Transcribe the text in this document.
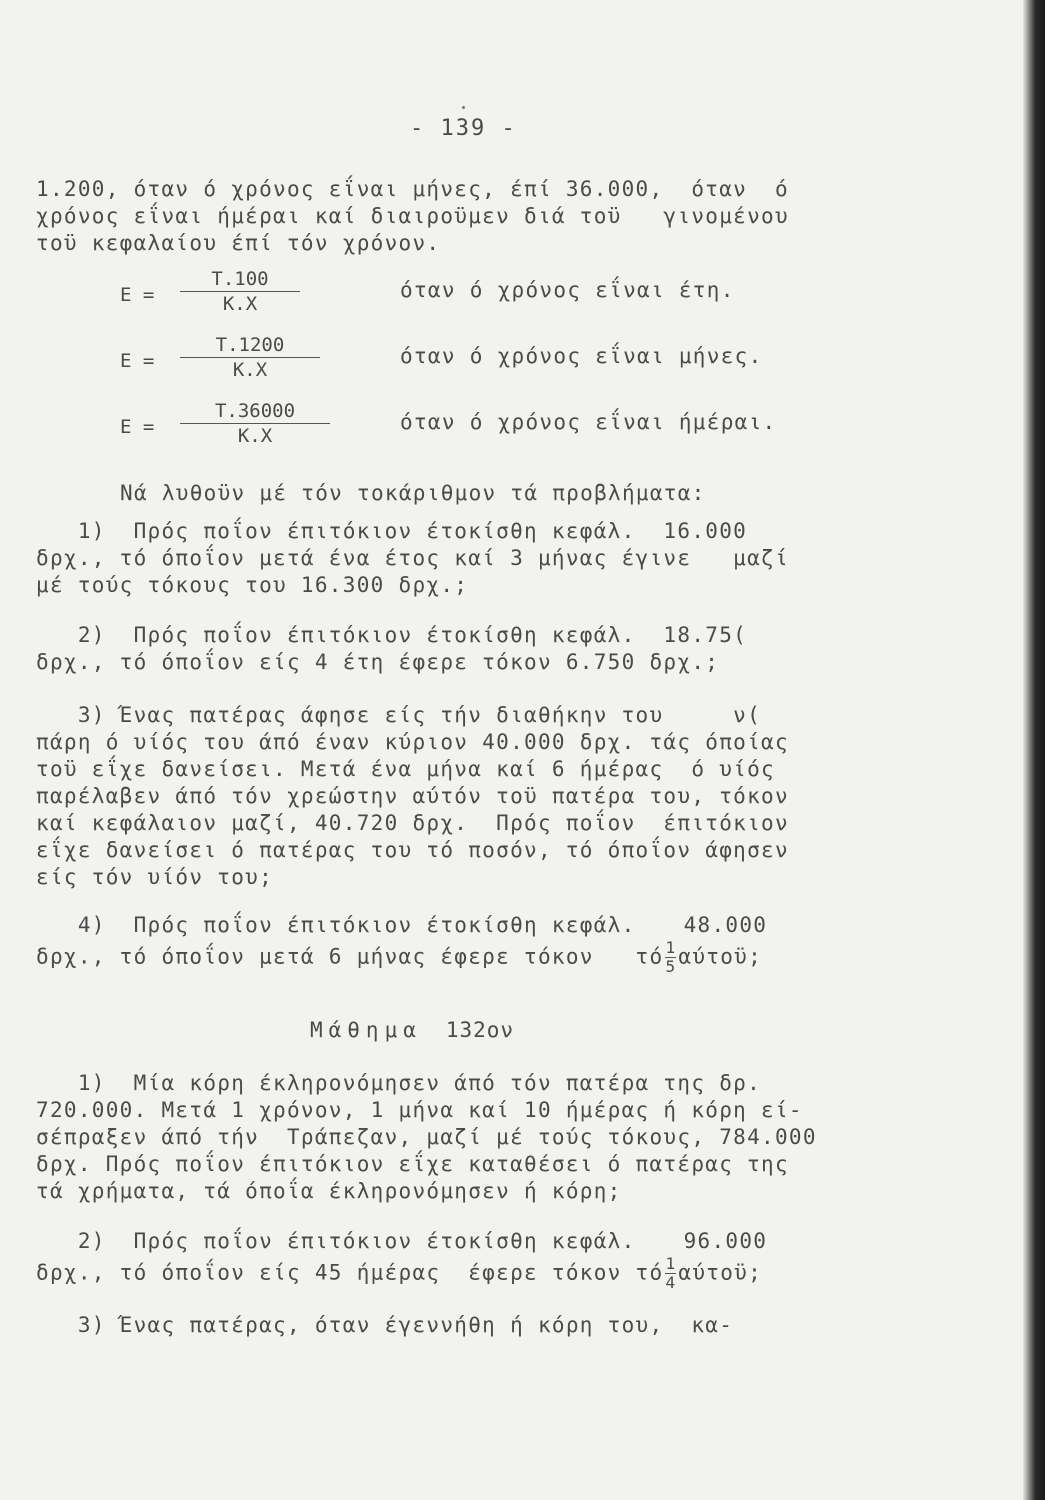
- 139 -
1.200, όταν ό χρόνος εΐναι μήνες, έπί 36.000,  όταν  ό
χρόνος εΐναι ήμέραι καί διαιροϋμεν διά τοϋ   γινομένου
τοϋ κεφαλαίου έπί τόν χρόνον.
Ε =
Τ.100
Κ.Χ
όταν ό χρόνος εΐναι έτη.
Ε =
Τ.1200
Κ.Χ
όταν ό χρόνος εΐναι μήνες.
Ε =
Τ.36000
Κ.Χ
όταν ό χρόνος εΐναι ήμέραι.
Νά λυθοϋν μέ τόν τοκάριθμον τά προβλήματα:
1)  Πρός ποΐον έπιτόκιον έτοκίσθη κεφάλ.  16.000
δρχ., τό όποΐον μετά ένα έτος καί 3 μήνας έγινε   μαζί
μέ τούς τόκους του 16.300 δρχ.;
2)  Πρός ποΐον έπιτόκιον έτοκίσθη κεφάλ.  18.75(
δρχ., τό όποΐον είς 4 έτη έφερε τόκον 6.750 δρχ.;
3) Ένας πατέρας άφησε είς τήν διαθήκην του     ν(
πάρη ό υίός του άπό έναν κύριον 40.000 δρχ. τάς όποίας
τοϋ εΐχε δανείσει. Μετά ένα μήνα καί 6 ήμέρας  ό υίός
παρέλαβεν άπό τόν χρεώστην αύτόν τοϋ πατέρα του, τόκον
καί κεφάλαιον μαζί, 40.720 δρχ.  Πρός ποΐον  έπιτόκιον
εΐχε δανείσει ό πατέρας του τό ποσόν, τό όποΐον άφησεν
είς τόν υίόν του;
4)  Πρός ποΐον έπιτόκιον έτοκίσθη κεφάλ. 48.000
δρχ., τό όποΐον μετά 6 μήνας έφερε τόκον   τό $\frac{1}{5} \alpha ύ\tau oϋ$;
Μάθημα 132ον
1)  Μία κόρη έκληρονόμησεν άπό τόν πατέρα της δρ.
720.000. Μετά 1 χρόνον, 1 μήνα καί 10 ήμέρας ή κόρη εί-
σέπραξεν άπό τήν  Τράπεζαν, μαζί μέ τούς τόκους, 784.000
δρχ. Πρός ποΐον έπιτόκιον εΐχε καταθέσει ό πατέρας της
τά χρήματα, τά όποΐα έκληρονόμησεν ή κόρη;
2)  Πρός ποΐον έπιτόκιον έτοκίσθη κεφάλ. 96.000
δρχ., τό όποΐον είς 45 ήμέρας  έφερε τόκον τό $\frac{1}{4} \alpha ύ\tau oϋ$;
3) Ένας πατέρας, όταν έγεννήθη ή κόρη του,  κα-
